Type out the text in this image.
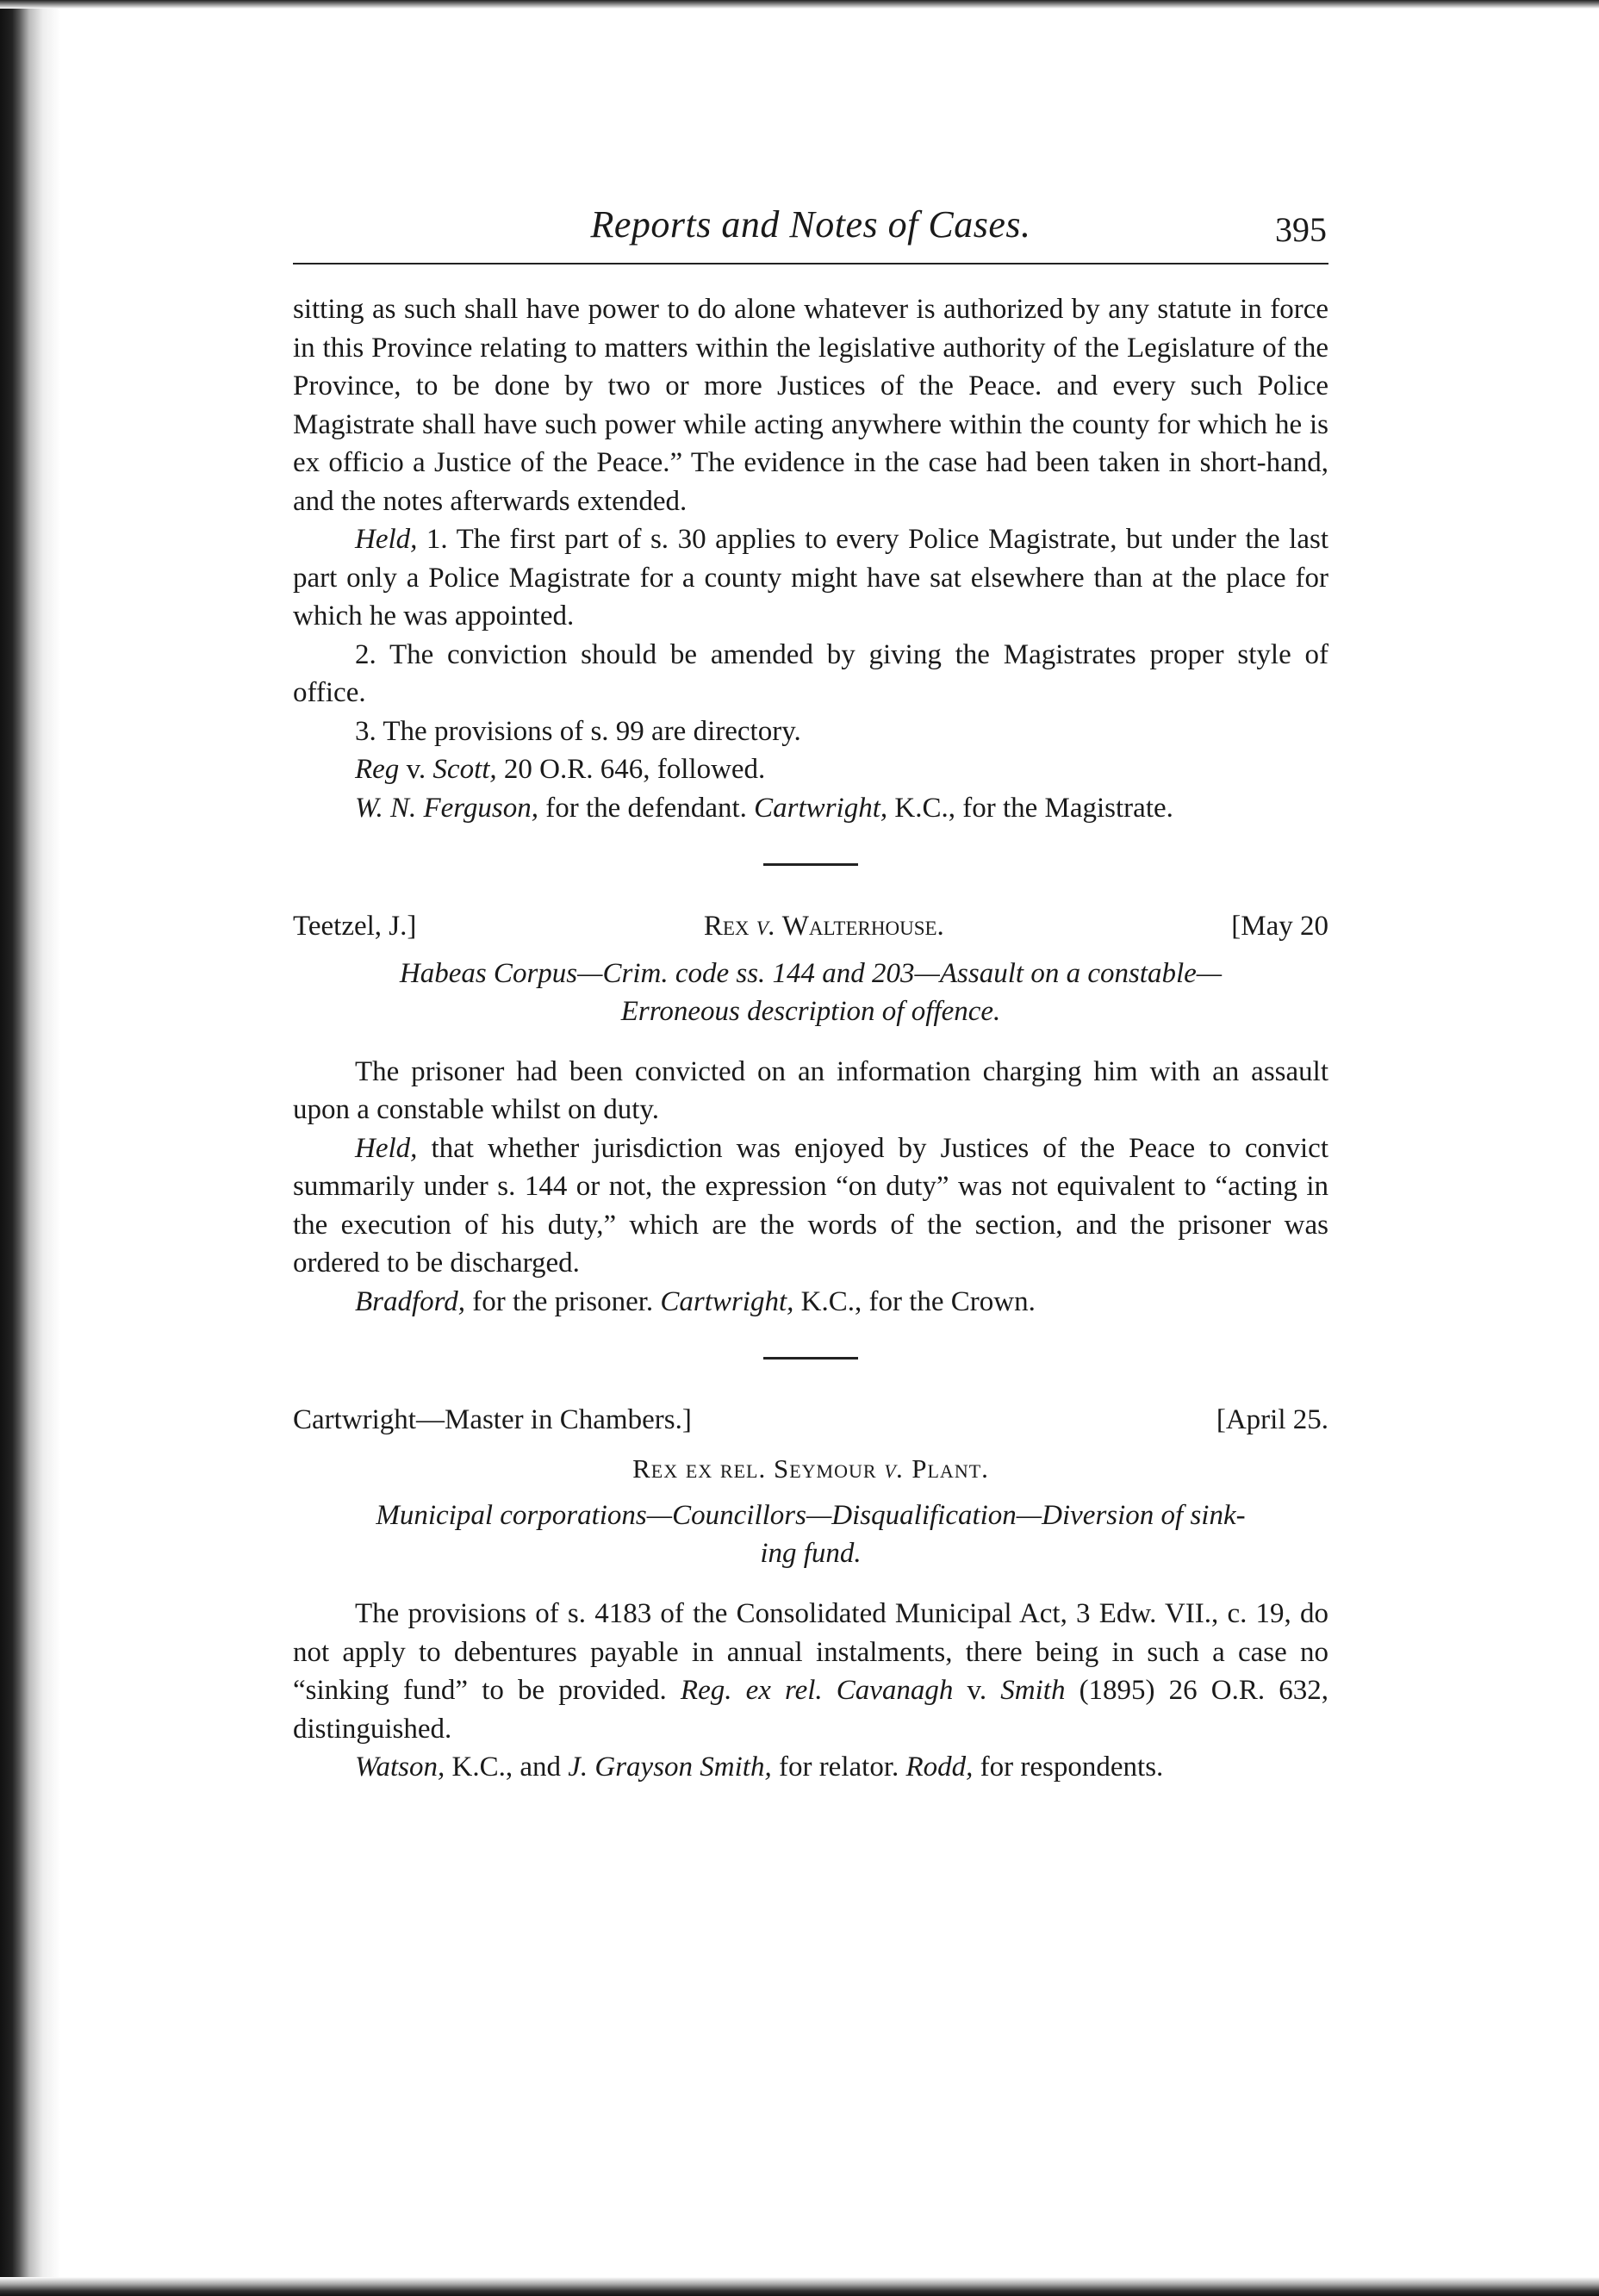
Reports and Notes of Cases.	395

sitting as such shall have power to do alone whatever is authorized by any statute in force in this Province relating to matters within the legislative authority of the Legislature of the Province, to be done by two or more Justices of the Peace. and every such Police Magistrate shall have such power while acting anywhere within the county for which he is ex officio a Justice of the Peace.” The evidence in the case had been taken in short-hand, and the notes afterwards extended.

Held, 1. The first part of s. 30 applies to every Police Magistrate, but under the last part only a Police Magistrate for a county might have sat elsewhere than at the place for which he was appointed.

2. The conviction should be amended by giving the Magistrates proper style of office.

3. The provisions of s. 99 are directory.

Reg v. Scott, 20 O.R. 646, followed.

W. N. Ferguson, for the defendant. Cartwright, K.C., for the Magistrate.

Teetzel, J.]	Rex v. Walterhouse.	[May 20
Habeas Corpus—Crim. code ss. 144 and 203—Assault on a constable—
Erroneous description of offence.

The prisoner had been convicted on an information charging him with an assault upon a constable whilst on duty.

Held, that whether jurisdiction was enjoyed by Justices of the Peace to convict summarily under s. 144 or not, the expression “on duty” was not equivalent to “acting in the execution of his duty,” which are the words of the section, and the prisoner was ordered to be discharged.

Bradford, for the prisoner. Cartwright, K.C., for the Crown.

Cartwright—Master in Chambers.]	[April 25.
Rex ex rel. Seymour v. Plant.
Municipal corporations—Councillors—Disqualification—Diversion of sink-
ing fund.

The provisions of s. 4183 of the Consolidated Municipal Act, 3 Edw. VII., c. 19, do not apply to debentures payable in annual instalments, there being in such a case no “sinking fund” to be provided. Reg. ex rel. Cavanagh v. Smith (1895) 26 O.R. 632, distinguished.

Watson, K.C., and J. Grayson Smith, for relator. Rodd, for respondents.
